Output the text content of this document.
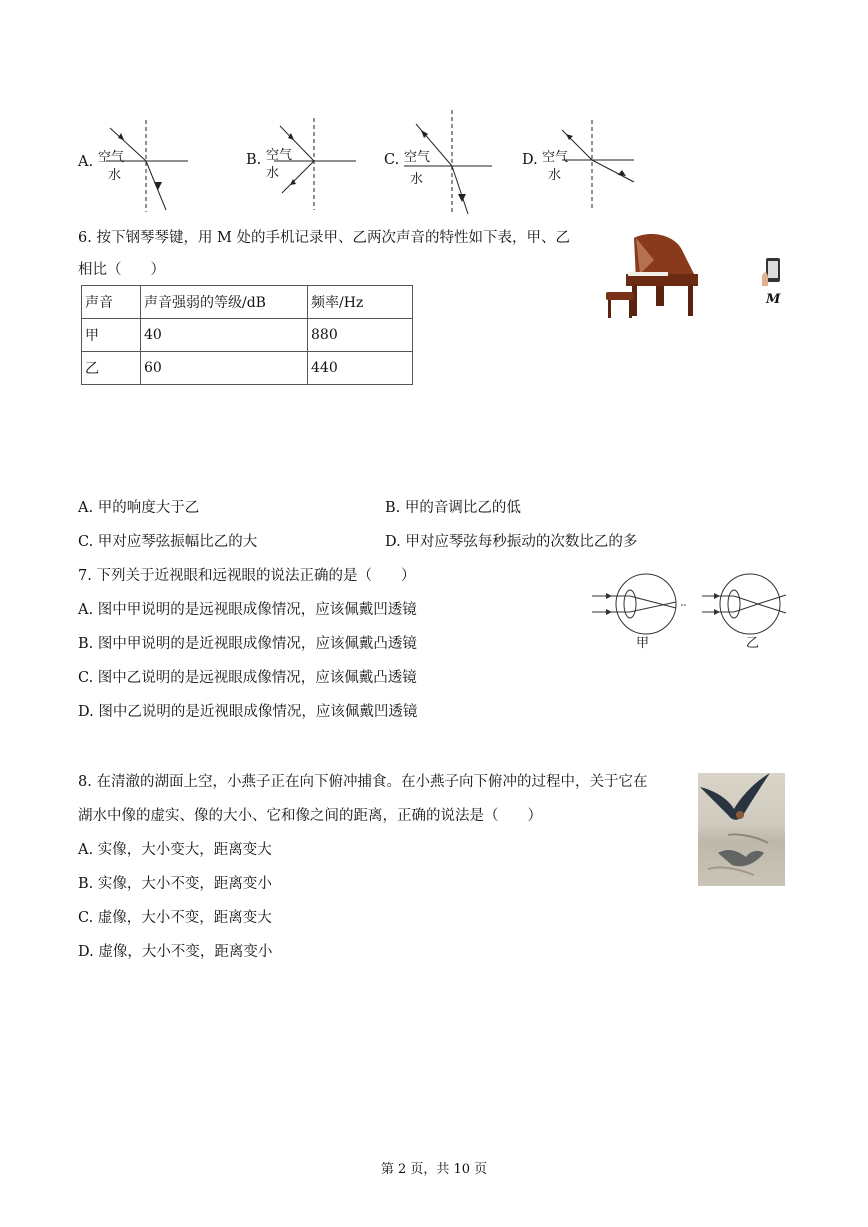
A. 空气
水
B. 空气
水
C. 空气
水
D. 空气
水
6. 按下钢琴琴键，用 M 处的手机记录甲、乙两次声音的特性如下表，甲、乙
相比（　　）
声音	声音强弱的等级/dB	频率/Hz
甲	40	880
乙	60	440
M
A. 甲的响度大于乙	B. 甲的音调比乙的低
C. 甲对应琴弦振幅比乙的大	D. 甲对应琴弦每秒振动的次数比乙的多
7. 下列关于近视眼和远视眼的说法正确的是（　　）
A. 图中甲说明的是远视眼成像情况，应该佩戴凹透镜
B. 图中甲说明的是近视眼成像情况，应该佩戴凸透镜
C. 图中乙说明的是远视眼成像情况，应该佩戴凸透镜
D. 图中乙说明的是近视眼成像情况，应该佩戴凹透镜
甲	乙
8. 在清澈的湖面上空，小燕子正在向下俯冲捕食。在小燕子向下俯冲的过程中，关于它在
湖水中像的虚实、像的大小、它和像之间的距离，正确的说法是（　　）
A. 实像，大小变大，距离变大
B. 实像，大小不变，距离变小
C. 虚像，大小不变，距离变大
D. 虚像，大小不变，距离变小
第 2 页，共 10 页
